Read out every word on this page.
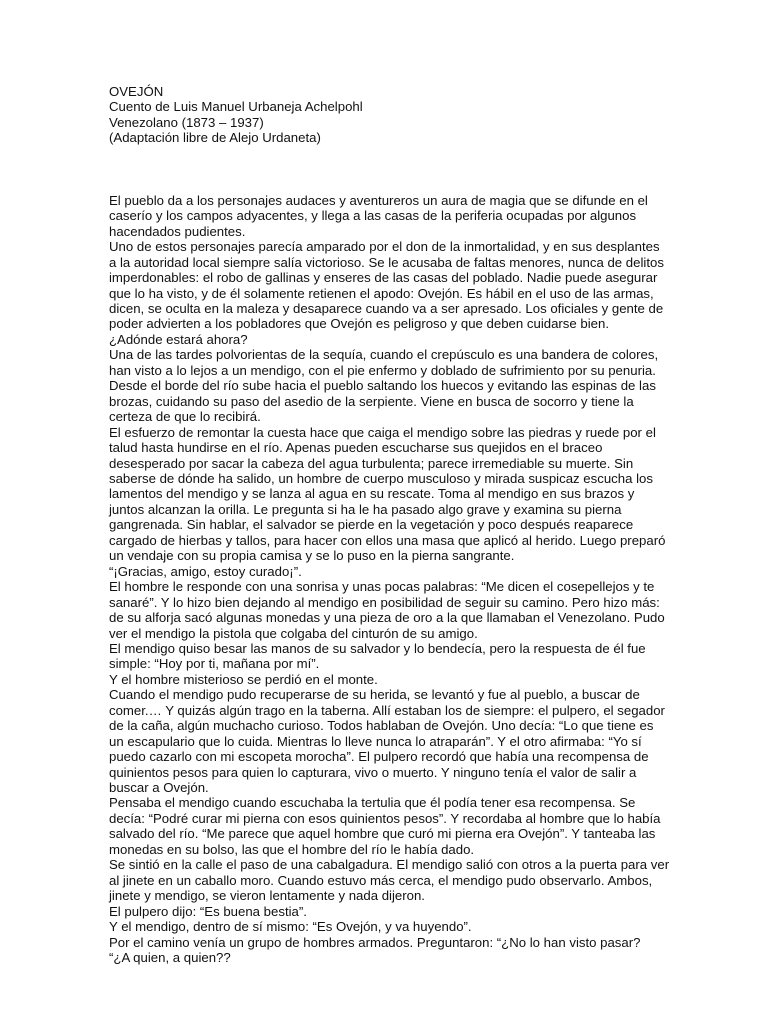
OVEJÓN
Cuento de Luis Manuel Urbaneja Achelpohl
Venezolano (1873 – 1937)
(Adaptación libre de Alejo Urdaneta)
El pueblo da a los personajes audaces y aventureros un aura de magia que se difunde en el
caserío y los campos adyacentes, y llega a las casas de la periferia ocupadas por algunos
hacendados pudientes.
Uno de estos personajes parecía amparado por el don de la inmortalidad, y en sus desplantes
a la autoridad local siempre salía victorioso. Se le acusaba de faltas menores, nunca de delitos
imperdonables: el robo de gallinas y enseres de las casas del poblado. Nadie puede asegurar
que lo ha visto, y de él solamente retienen el apodo: Ovejón. Es hábil en el uso de las armas,
dicen, se oculta en la maleza y desaparece cuando va a ser apresado. Los oficiales y gente de
poder advierten a los pobladores que Ovejón es peligroso y que deben cuidarse bien.
¿Adónde estará ahora?
Una de las tardes polvorientas de la sequía, cuando el crepúsculo es una bandera de colores,
han visto a lo lejos a un mendigo, con el pie enfermo y doblado de sufrimiento por su penuria.
Desde el borde del río sube hacia el pueblo saltando los huecos y evitando las espinas de las
brozas, cuidando su paso del asedio de la serpiente. Viene en busca de socorro y tiene la
certeza de que lo recibirá.
El esfuerzo de remontar la cuesta hace que caiga el mendigo sobre las piedras y ruede por el
talud hasta hundirse en el río. Apenas pueden escucharse sus quejidos en el braceo
desesperado por sacar la cabeza del agua turbulenta; parece irremediable su muerte. Sin
saberse de dónde ha salido, un hombre de cuerpo musculoso y mirada suspicaz escucha los
lamentos del mendigo y se lanza al agua en su rescate. Toma al mendigo en sus brazos y
juntos alcanzan la orilla. Le pregunta si ha le ha pasado algo grave y examina su pierna
gangrenada. Sin hablar, el salvador se pierde en la vegetación y poco después reaparece
cargado de hierbas y tallos, para hacer con ellos una masa que aplicó al herido. Luego preparó
un vendaje con su propia camisa y se lo puso en la pierna sangrante.
“¡Gracias, amigo, estoy curado¡”.
El hombre le responde con una sonrisa y unas pocas palabras: “Me dicen el cosepellejos y te
sanaré”. Y lo hizo bien dejando al mendigo en posibilidad de seguir su camino. Pero hizo más:
de su alforja sacó algunas monedas y una pieza de oro a la que llamaban el Venezolano. Pudo
ver el mendigo la pistola que colgaba del cinturón de su amigo.
El mendigo quiso besar las manos de su salvador y lo bendecía, pero la respuesta de él fue
simple: “Hoy por ti, mañana por mí”.
Y el hombre misterioso se perdió en el monte.
Cuando el mendigo pudo recuperarse de su herida, se levantó y fue al pueblo, a buscar de
comer.… Y quizás algún trago en la taberna. Allí estaban los de siempre: el pulpero, el segador
de la caña, algún muchacho curioso. Todos hablaban de Ovejón. Uno decía: “Lo que tiene es
un escapulario que lo cuida. Mientras lo lleve nunca lo atraparán”. Y el otro afirmaba: “Yo sí
puedo cazarlo con mi escopeta morocha”. El pulpero recordó que había una recompensa de
quinientos pesos para quien lo capturara, vivo o muerto. Y ninguno tenía el valor de salir a
buscar a Ovejón.
Pensaba el mendigo cuando escuchaba la tertulia que él podía tener esa recompensa. Se
decía: “Podré curar mi pierna con esos quinientos pesos”. Y recordaba al hombre que lo había
salvado del río. “Me parece que aquel hombre que curó mi pierna era Ovejón”. Y tanteaba las
monedas en su bolso, las que el hombre del río le había dado.
Se sintió en la calle el paso de una cabalgadura. El mendigo salió con otros a la puerta para ver
al jinete en un caballo moro. Cuando estuvo más cerca, el mendigo pudo observarlo. Ambos,
jinete y mendigo, se vieron lentamente y nada dijeron.
El pulpero dijo: “Es buena bestia”.
Y el mendigo, dentro de sí mismo: “Es Ovejón, y va huyendo”.
Por el camino venía un grupo de hombres armados. Preguntaron: “¿No lo han visto pasar?
“¿A quien, a quien??
